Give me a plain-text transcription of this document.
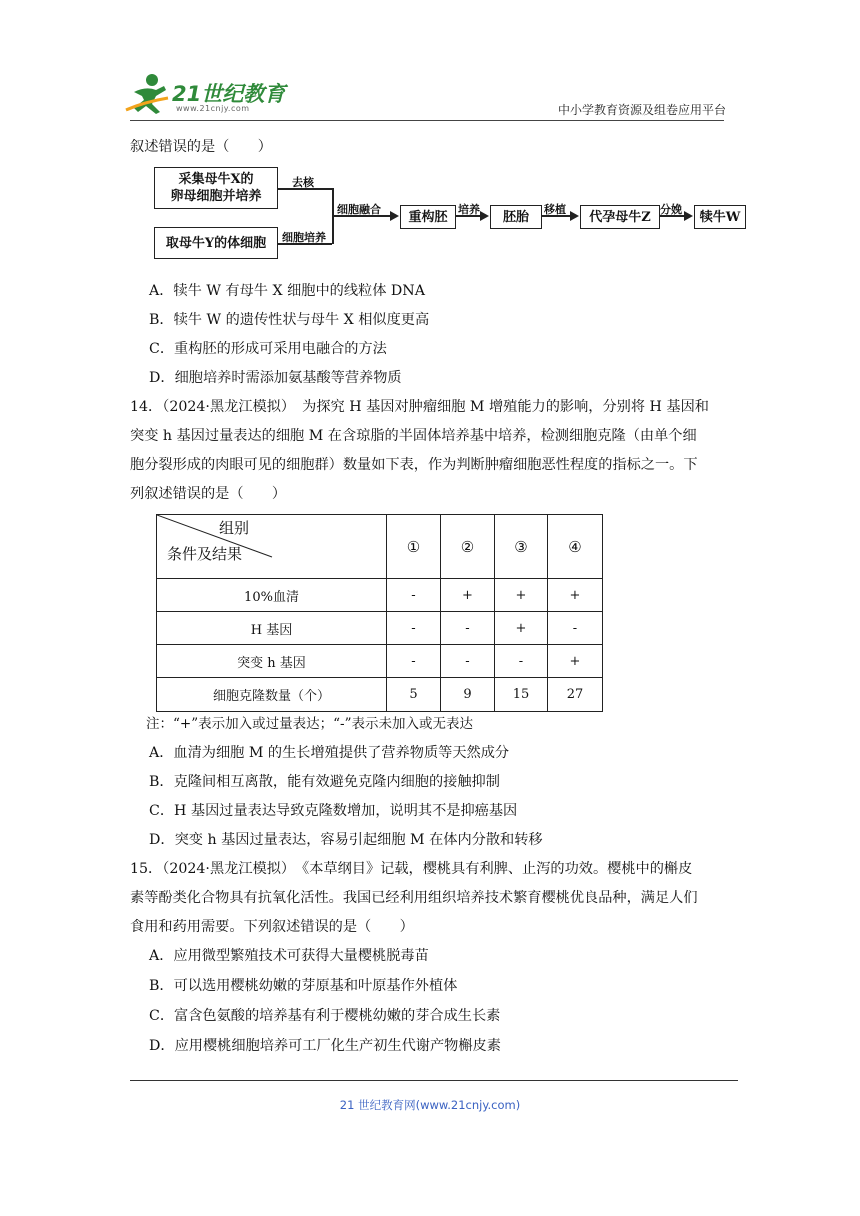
21世纪教育
www.21cnjy.com	中小学教育资源及组卷应用平台
叙述错误的是（　　）
采集母牛X的
卵母细胞并培养
取母牛Y的体细胞
去核
细胞培养
细胞融合	重构胚 培养	胚胎	移植	代孕母牛Z 分娩	犊牛W
A．犊牛 W 有母牛 X 细胞中的线粒体 DNA
B．犊牛 W 的遗传性状与母牛 X 相似度更高
C．重构胚的形成可采用电融合的方法
D．细胞培养时需添加氨基酸等营养物质
14．（2024·黑龙江模拟）　为探究 H 基因对肿瘤细胞 M 增殖能力的影响，分别将 H 基因和
突变 h 基因过量表达的细胞 M 在含琼脂的半固体培养基中培养，检测细胞克隆（由单个细
胞分裂形成的肉眼可见的细胞群）数量如下表，作为判断肿瘤细胞恶性程度的指标之一。下
列叙述错误的是（　　）
组别
条件及结果	①	②	③	④
10%血清	-	+	+	+
H 基因	-	-	+	-
突变 h 基因	-	-	-	+
细胞克隆数量（个）	5	9	15	27
注：“+”表示加入或过量表达；“-”表示未加入或无表达
A．血清为细胞 M 的生长增殖提供了营养物质等天然成分
B．克隆间相互离散，能有效避免克隆内细胞的接触抑制
C．H 基因过量表达导致克隆数增加，说明其不是抑癌基因
D．突变 h 基因过量表达，容易引起细胞 M 在体内分散和转移
15．（2024·黑龙江模拟）　《本草纲目》记载，樱桃具有利脾、止泻的功效。樱桃中的槲皮
素等酚类化合物具有抗氧化活性。我国已经利用组织培养技术繁育樱桃优良品种，满足人们
食用和药用需要。下列叙述错误的是（　　）
A．应用微型繁殖技术可获得大量樱桃脱毒苗
B．可以选用樱桃幼嫩的芽原基和叶原基作外植体
C．富含色氨酸的培养基有利于樱桃幼嫩的芽合成生长素
D．应用樱桃细胞培养可工厂化生产初生代谢产物槲皮素
21 世纪教育网(www.21cnjy.com)
